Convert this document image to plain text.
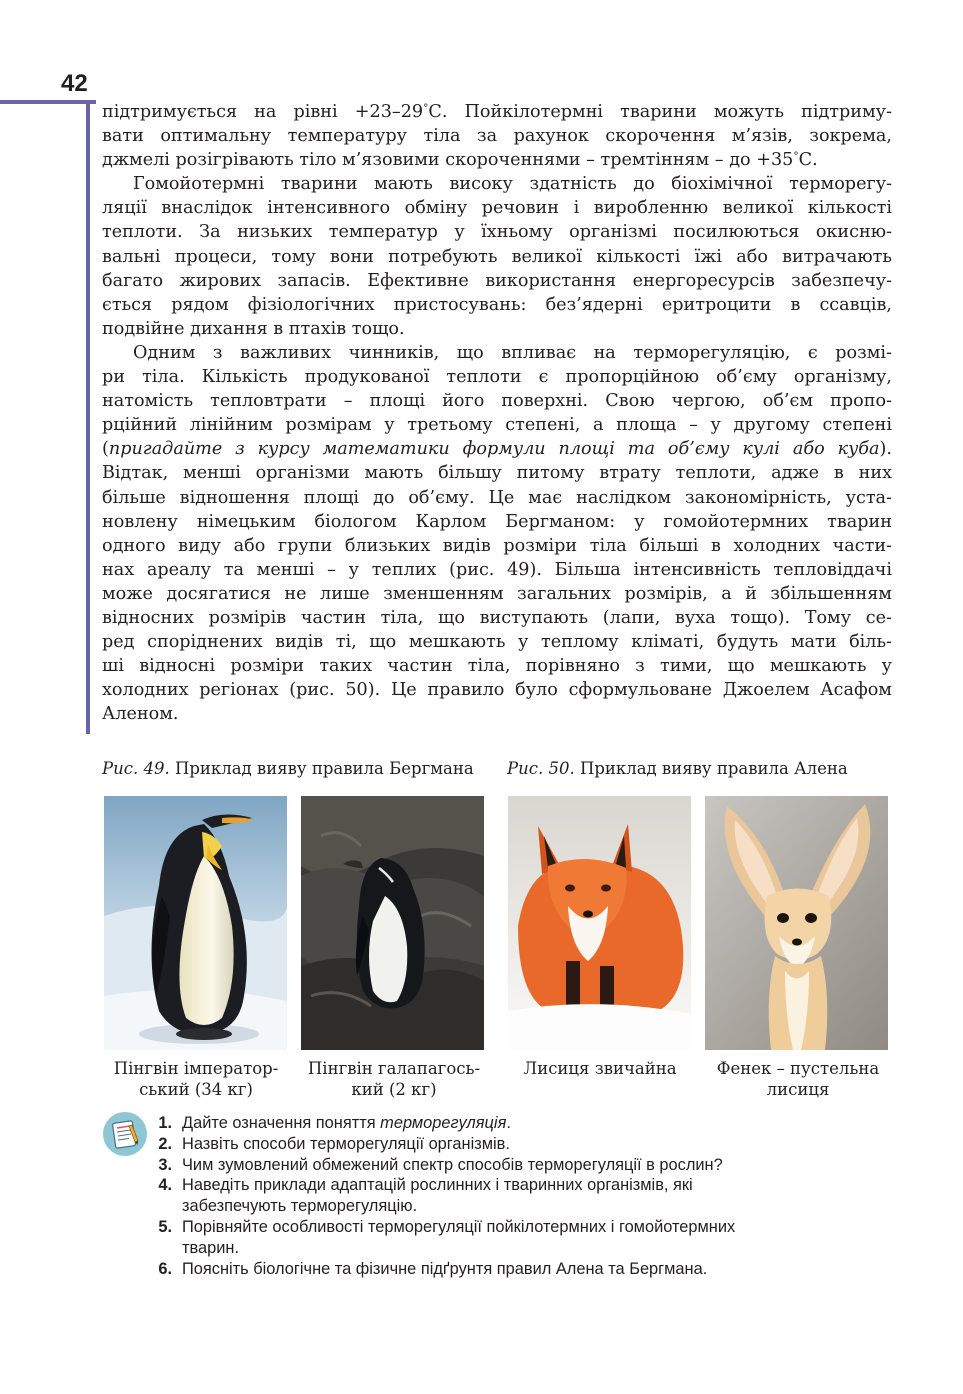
42
підтримується на рівні +23–29°С. Пойкілотермні тварини можуть підтриму-
вати оптимальну температуру тіла за рахунок скорочення м’язів, зокрема,
джмелі розігрівають тіло м’язовими скороченнями – тремтінням – до +35°С.
Гомойотермні тварини мають високу здатність до біохімічної терморегу-
ляції внаслідок інтенсивного обміну речовин і виробленню великої кількості
теплоти. За низьких температур у їхньому організмі посилюються окисню-
вальні процеси, тому вони потребують великої кількості їжі або витрачають
багато жирових запасів. Ефективне використання енергоресурсів забезпечу-
ється рядом фізіологічних пристосувань: без’ядерні еритроцити в ссавців,
подвійне дихання в птахів тощо.
Одним з важливих чинників, що впливає на терморегуляцію, є розмі-
ри тіла. Кількість продукованої теплоти є пропорційною об’єму організму,
натомість тепловтрати – площі його поверхні. Свою чергою, об’єм пропо-
рційний лінійним розмірам у третьому степені, а площа – у другому степені
(пригадайте з курсу математики формули площі та об’єму кулі або куба).
Відтак, менші організми мають більшу питому втрату теплоти, адже в них
більше відношення площі до об’єму. Це має наслідком закономірність, уста-
новлену німецьким біологом Карлом Бергманом: у гомойотермних тварин
одного виду або групи близьких видів розміри тіла більші в холодних части-
нах ареалу та менші – у теплих (рис. 49). Більша інтенсивність тепловіддачі
може досягатися не лише зменшенням загальних розмірів, а й збільшенням
відносних розмірів частин тіла, що виступають (лапи, вуха тощо). Тому се-
ред споріднених видів ті, що мешкають у теплому кліматі, будуть мати біль-
ші відносні розміри таких частин тіла, порівняно з тими, що мешкають у
холодних регіонах (рис. 50). Це правило було сформульоване Джоелем Асафом
Аленом.
Рис. 49. Приклад вияву правила Бергмана Рис. 50. Приклад вияву правила Алена
Пінгвін імператор-
ський (34 кг)
Пінгвін галапагось-
кий (2 кг)
Лисиця звичайна	Фенек – пустельна
лисиця
1. Дайте означення поняття терморегуляція.
2. Назвіть способи терморегуляції організмів.
3. Чим зумовлений обмежений спектр способів терморегуляції в рослин?
4. Наведіть приклади адаптацій рослинних і тваринних організмів, які
забезпечують терморегуляцію.
5. Порівняйте особливості терморегуляції пойкілотермних і гомойотермних
тварин.
6. Поясніть біологічне та фізичне підґрунтя правил Алена та Бергмана.
